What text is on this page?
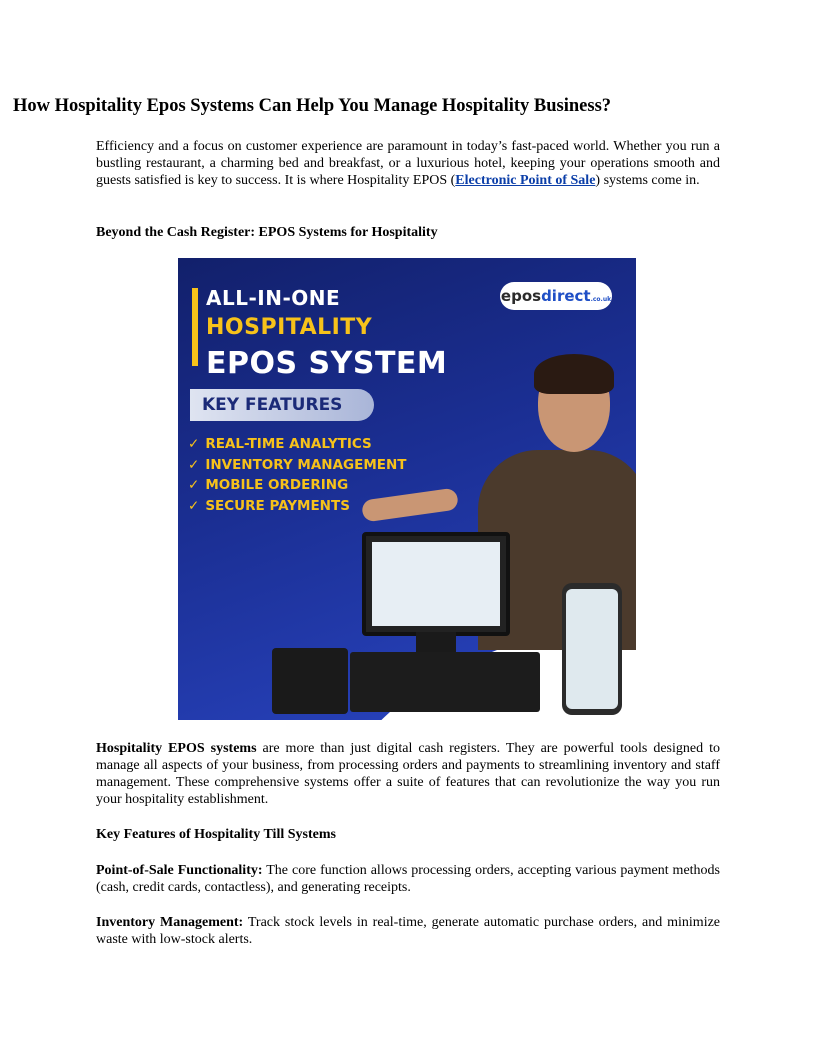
How Hospitality Epos Systems Can Help You Manage Hospitality Business?

Efficiency and a focus on customer experience are paramount in today’s fast-paced world. Whether you run a bustling restaurant, a charming bed and breakfast, or a luxurious hotel, keeping your operations smooth and guests satisfied is key to success. It is where Hospitality EPOS (Electronic Point of Sale) systems come in.

Beyond the Cash Register: EPOS Systems for Hospitality

ALL-IN-ONE
HOSPITALITY
EPOS SYSTEM
KEY FEATURES
✓ REAL-TIME ANALYTICS
✓ INVENTORY MANAGEMENT
✓ MOBILE ORDERING
✓ SECURE PAYMENTS
eposdirect.co.uk

Hospitality EPOS systems are more than just digital cash registers. They are powerful tools designed to manage all aspects of your business, from processing orders and payments to streamlining inventory and staff management. These comprehensive systems offer a suite of features that can revolutionize the way you run your hospitality establishment.

Key Features of Hospitality Till Systems

Point-of-Sale Functionality: The core function allows processing orders, accepting various payment methods (cash, credit cards, contactless), and generating receipts.

Inventory Management: Track stock levels in real-time, generate automatic purchase orders, and minimize waste with low-stock alerts.
